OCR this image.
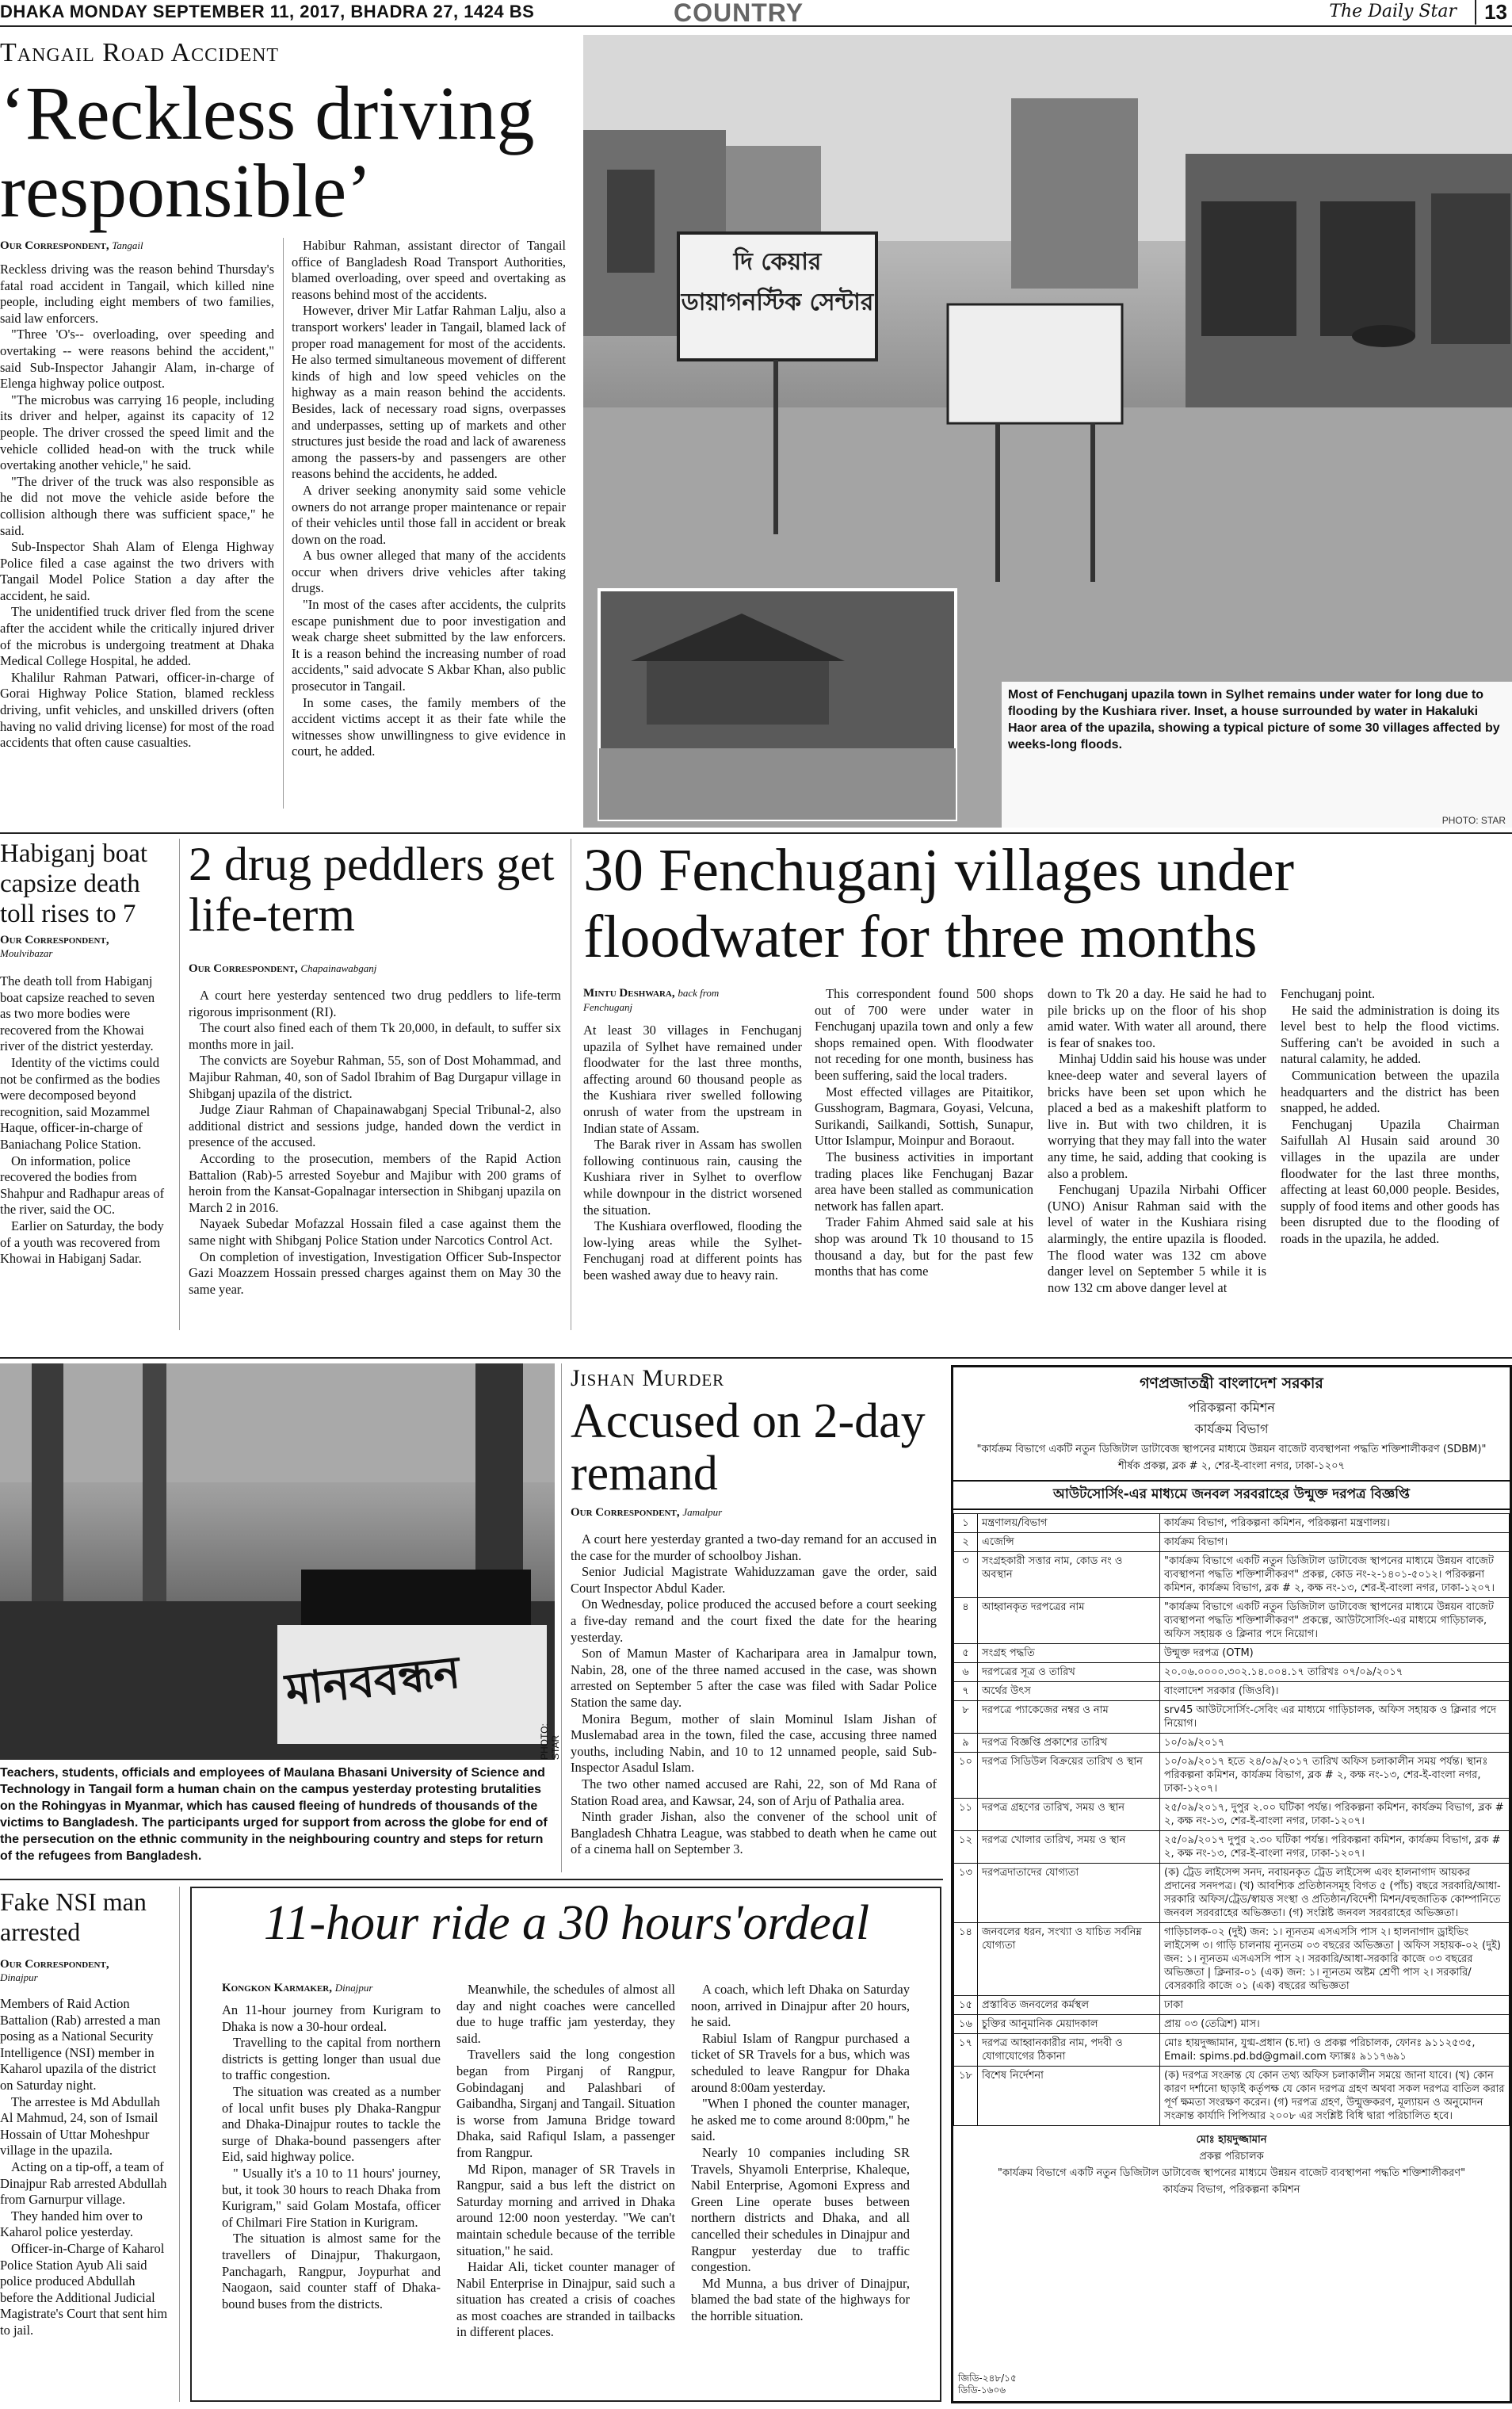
DHAKA MONDAY SEPTEMBER 11, 2017, BHADRA 27, 1424 BS	COUNTRY	The Daily Star	13
Tangail Road Accident
‘Reckless driving responsible’
Our Correspondent, Tangail

Reckless driving was the reason behind Thursday's fatal road accident in Tangail, which killed nine people, including eight members of two families, said law enforcers.

"Three 'O's-- overloading, over speeding and overtaking -- were reasons behind the accident," said Sub-Inspector Jahangir Alam, in-charge of Elenga highway police outpost.

"The microbus was carrying 16 people, including its driver and helper, against its capacity of 12 people. The driver crossed the speed limit and the vehicle collided head-on with the truck while overtaking another vehicle," he said.

"The driver of the truck was also responsible as he did not move the vehicle aside before the collision although there was sufficient space," he said.

Sub-Inspector Shah Alam of Elenga Highway Police filed a case against the two drivers with Tangail Model Police Station a day after the accident, he said.

The unidentified truck driver fled from the scene after the accident while the critically injured driver of the microbus is undergoing treatment at Dhaka Medical College Hospital, he added.

Khalilur Rahman Patwari, officer-in-charge of Gorai Highway Police Station, blamed reckless driving, unfit vehicles, and unskilled drivers (often having no valid driving license) for most of the road accidents that often cause casualties.

Habibur Rahman, assistant director of Tangail office of Bangladesh Road Transport Authorities, blamed overloading, over speed and overtaking as reasons behind most of the accidents.

However, driver Mir Latfar Rahman Lalju, also a transport workers' leader in Tangail, blamed lack of proper road management for most of the accidents. He also termed simultaneous movement of different kinds of high and low speed vehicles on the highway as a main reason behind the accidents. Besides, lack of necessary road signs, overpasses and underpasses, setting up of markets and other structures just beside the road and lack of awareness among the passers-by and passengers are other reasons behind the accidents, he added.

A driver seeking anonymity said some vehicle owners do not arrange proper maintenance or repair of their vehicles until those fall in accident or break down on the road.

A bus owner alleged that many of the accidents occur when drivers drive vehicles after taking drugs.

"In most of the cases after accidents, the culprits escape punishment due to poor investigation and weak charge sheet submitted by the law enforcers. It is a reason behind the increasing number of road accidents," said advocate S Akbar Khan, also public prosecutor in Tangail.

In some cases, the family members of the accident victims accept it as their fate while the witnesses show unwillingness to give evidence in court, he added.

দি কেয়ার ডায়াগনস্টিক সেন্টার
Most of Fenchuganj upazila town in Sylhet remains under water for long due to flooding by the Kushiara river. Inset, a house surrounded by water in Hakaluki Haor area of the upazila, showing a typical picture of some 30 villages affected by weeks-long floods.
PHOTO: STAR
Habiganj boat capsize death toll rises to 7
Our Correspondent,
Moulvibazar

The death toll from Habiganj boat capsize reached to seven as two more bodies were recovered from the Khowai river of the district yesterday.

Identity of the victims could not be confirmed as the bodies were decomposed beyond recognition, said Mozammel Haque, officer-in-charge of Baniachang Police Station.

On information, police recovered the bodies from Shahpur and Radhapur areas of the river, said the OC.

Earlier on Saturday, the body of a youth was recovered from Khowai in Habiganj Sadar.

2 drug peddlers get life-term
Our Correspondent, Chapainawabganj

A court here yesterday sentenced two drug peddlers to life-term rigorous imprisonment (RI).

The court also fined each of them Tk 20,000, in default, to suffer six months more in jail.

The convicts are Soyebur Rahman, 55, son of Dost Mohammad, and Majibur Rahman, 40, son of Sadol Ibrahim of Bag Durgapur village in Shibganj upazila of the district.

Judge Ziaur Rahman of Chapainawabganj Special Tribunal-2, also additional district and sessions judge, handed down the verdict in presence of the accused.

According to the prosecution, members of the Rapid Action Battalion (Rab)-5 arrested Soyebur and Majibur with 200 grams of heroin from the Kansat-Gopalnagar intersection in Shibganj upazila on March 2 in 2016.

Nayaek Subedar Mofazzal Hossain filed a case against them the same night with Shibganj Police Station under Narcotics Control Act.

On completion of investigation, Investigation Officer Sub-Inspector Gazi Moazzem Hossain pressed charges against them on May 30 the same year.

30 Fenchuganj villages under floodwater for three months
Mintu Deshwara, back from Fenchuganj

At least 30 villages in Fenchuganj upazila of Sylhet have remained under floodwater for the last three months, affecting around 60 thousand people as the Kushiara river swelled following onrush of water from the upstream in Indian state of Assam.

The Barak river in Assam has swollen following continuous rain, causing the Kushiara river in Sylhet to overflow while downpour in the district worsened the situation.

The Kushiara overflowed, flooding the low-lying areas while the Sylhet-Fenchuganj road at different points has been washed away due to heavy rain.

This correspondent found 500 shops out of 700 were under water in Fenchuganj upazila town and only a few shops remained open. With floodwater not receding for one month, business has been suffering, said the local traders.

Most effected villages are Pitaitikor, Gusshogram, Bagmara, Goyasi, Velcuna, Surikandi, Sailkandi, Sottish, Sunapur, Uttor Islampur, Moinpur and Boraout.

The business activities in important trading places like Fenchuganj Bazar area have been stalled as communication network has fallen apart.

Trader Fahim Ahmed said sale at his shop was around Tk 10 thousand to 15 thousand a day, but for the past few months that has come

down to Tk 20 a day. He said he had to pile bricks up on the floor of his shop amid water. With water all around, there is fear of snakes too.

Minhaj Uddin said his house was under knee-deep water and several layers of bricks have been set upon which he placed a bed as a makeshift platform to live in. But with two children, it is worrying that they may fall into the water any time, he said, adding that cooking is also a problem.

Fenchuganj Upazila Nirbahi Officer (UNO) Anisur Rahman said with the level of water in the Kushiara rising alarmingly, the entire upazila is flooded. The flood water was 132 cm above danger level on September 5 while it is now 132 cm above danger level at

Fenchuganj point.

He said the administration is doing its level best to help the flood victims. Suffering can't be avoided in such a natural calamity, he added.

Communication between the upazila headquarters and the district has been snapped, he added.

Fenchuganj Upazila Chairman Saifullah Al Husain said around 30 villages in the upazila are under floodwater for the last three months, affecting at least 60,000 people. Besides, supply of food items and other goods has been disrupted due to the flooding of roads in the upazila, he added.

মানববন্ধন
PHOTO: STAR
Teachers, students, officials and employees of Maulana Bhasani University of Science and Technology in Tangail form a human chain on the campus yesterday protesting brutalities on the Rohingyas in Myanmar, which has caused fleeing of hundreds of thousands of the victims to Bangladesh. The participants urged for support from across the globe for end of the persecution on the ethnic community in the neighbouring country and steps for return of the refugees from Bangladesh.
Jishan Murder
Accused on 2-day remand
Our Correspondent, Jamalpur

A court here yesterday granted a two-day remand for an accused in the case for the murder of schoolboy Jishan.

Senior Judicial Magistrate Wahiduzzaman gave the order, said Court Inspector Abdul Kader.

On Wednesday, police produced the accused before a court seeking a five-day remand and the court fixed the date for the hearing yesterday.

Son of Mamun Master of Kacharipara area in Jamalpur town, Nabin, 28, one of the three named accused in the case, was shown arrested on September 5 after the case was filed with Sadar Police Station the same day.

Monira Begum, mother of slain Mominul Islam Jishan of Muslemabad area in the town, filed the case, accusing three named youths, including Nabin, and 10 to 12 unnamed people, said Sub-Inspector Asadul Islam.

The two other named accused are Rahi, 22, son of Md Rana of Station Road area, and Kawsar, 24, son of Arju of Pathalia area.

Ninth grader Jishan, also the convener of the school unit of Bangladesh Chhatra League, was stabbed to death when he came out of a cinema hall on September 3.

Fake NSI man arrested
Our Correspondent,
Dinajpur

Members of Raid Action Battalion (Rab) arrested a man posing as a National Security Intelligence (NSI) member in Kaharol upazila of the district on Saturday night.

The arrestee is Md Abdullah Al Mahmud, 24, son of Ismail Hossain of Uttar Moheshpur village in the upazila.

Acting on a tip-off, a team of Dinajpur Rab arrested Abdullah from Garnurpur village.

They handed him over to Kaharol police yesterday.

Officer-in-Charge of Kaharol Police Station Ayub Ali said police produced Abdullah before the Additional Judicial Magistrate's Court that sent him to jail.

11-hour ride a 30 hours'ordeal
Kongkon Karmaker, Dinajpur

An 11-hour journey from Kurigram to Dhaka is now a 30-hour ordeal.

Travelling to the capital from northern districts is getting longer than usual due to traffic congestion.

The situation was created as a number of local unfit buses ply Dhaka-Rangpur and Dhaka-Dinajpur routes to tackle the surge of Dhaka-bound passengers after Eid, said highway police.

" Usually it's a 10 to 11 hours' journey, but, it took 30 hours to reach Dhaka from Kurigram," said Golam Mostafa, officer of Chilmari Fire Station in Kurigram.

The situation is almost same for the travellers of Dinajpur, Thakurgaon, Panchagarh, Rangpur, Joypurhat and Naogaon, said counter staff of Dhaka-bound buses from the districts.

Meanwhile, the schedules of almost all day and night coaches were cancelled due to huge traffic jam yesterday, they said.

Travellers said the long congestion began from Pirganj of Rangpur, Gobindaganj and Palashbari of Gaibandha, Sirganj and Tangail. Situation is worse from Jamuna Bridge toward Dhaka, said Rafiqul Islam, a passenger from Rangpur.

Md Ripon, manager of SR Travels in Rangpur, said a bus left the district on Saturday morning and arrived in Dhaka around 12:00 noon yesterday. "We can't maintain schedule because of the terrible situation," he said.

Haidar Ali, ticket counter manager of Nabil Enterprise in Dinajpur, said such a situation has created a crisis of coaches as most coaches are stranded in tailbacks in different places.

A coach, which left Dhaka on Saturday noon, arrived in Dinajpur after 20 hours, he said.

Rabiul Islam of Rangpur purchased a ticket of SR Travels for a bus, which was scheduled to leave Rangpur for Dhaka around 8:00am yesterday.

"When I phoned the counter manager, he asked me to come around 8:00pm," he said.

Nearly 10 companies including SR Travels, Shyamoli Enterprise, Khaleque, Nabil Enterprise, Agomoni Express and Green Line operate buses between northern districts and Dhaka, and all cancelled their schedules in Dinajpur and Rangpur yesterday due to traffic congestion.

Md Munna, a bus driver of Dinajpur, blamed the bad state of the highways for the horrible situation.

গণপ্রজাতন্ত্রী বাংলাদেশ সরকার
পরিকল্পনা কমিশন
কার্যক্রম বিভাগ
"কার্যক্রম বিভাগে একটি নতুন ডিজিটাল ডাটাবেজ স্থাপনের মাধ্যমে উন্নয়ন বাজেট ব্যবস্থাপনা পদ্ধতি শক্তিশালীকরণ (SDBM)" শীর্ষক প্রকল্প, ব্লক # ২, শের-ই-বাংলা নগর, ঢাকা-১২০৭
আউটসোর্সিং-এর মাধ্যমে জনবল সরবরাহের উন্মুক্ত দরপত্র বিজ্ঞপ্তি
১	মন্ত্রণালয়/বিভাগ	কার্যক্রম বিভাগ, পরিকল্পনা কমিশন, পরিকল্পনা মন্ত্রণালয়।
২	এজেন্সি	কার্যক্রম বিভাগ।
৩	সংগ্রহকারী সত্তার নাম, কোড নং ও অবস্থান	"কার্যক্রম বিভাগে একটি নতুন ডিজিটাল ডাটাবেজ স্থাপনের মাধ্যমে উন্নয়ন বাজেট ব্যবস্থাপনা পদ্ধতি শক্তিশালীকরণ" প্রকল্প, কোড নং-২-১৪০১-৫০১২। পরিকল্পনা কমিশন, কার্যক্রম বিভাগ, ব্লক # ২, কক্ষ নং-১৩, শের-ই-বাংলা নগর, ঢাকা-১২০৭।
৪	আহ্বানকৃত দরপত্রের নাম	"কার্যক্রম বিভাগে একটি নতুন ডিজিটাল ডাটাবেজ স্থাপনের মাধ্যমে উন্নয়ন বাজেট ব্যবস্থাপনা পদ্ধতি শক্তিশালীকরণ" প্রকল্পে, আউটসোর্সিং-এর মাধ্যমে গাড়িচালক, অফিস সহায়ক ও ক্লিনার পদে নিয়োগ।
৫	সংগ্রহ পদ্ধতি	উন্মুক্ত দরপত্র (OTM)
৬	দরপত্রের সূত্র ও তারিখ	২০.০৬.০০০০.৩০২.১৪.০০৪.১৭ তারিখঃ ০৭/০৯/২০১৭
৭	অর্থের উৎস	বাংলাদেশ সরকার (জিওবি)।
৮	দরপত্রে প্যাকেজের নম্বর ও নাম	srv45 আউটসোর্সিং-সেবিং এর মাধ্যমে গাড়িচালক, অফিস সহায়ক ও ক্লিনার পদে নিয়োগ।
৯	দরপত্র বিজ্ঞপ্তি প্রকাশের তারিখ	১০/০৯/২০১৭
১০	দরপত্র সিডিউল বিক্রয়ের তারিখ ও স্থান	১০/০৯/২০১৭ হতে ২৪/০৯/২০১৭ তারিখ অফিস চলাকালীন সময় পর্যন্ত। স্থানঃ পরিকল্পনা কমিশন, কার্যক্রম বিভাগ, ব্লক # ২, কক্ষ নং-১৩, শের-ই-বাংলা নগর, ঢাকা-১২০৭।
১১	দরপত্র গ্রহণের তারিখ, সময় ও স্থান	২৫/০৯/২০১৭, দুপুর ২.০০ ঘটিকা পর্যন্ত। পরিকল্পনা কমিশন, কার্যক্রম বিভাগ, ব্লক # ২, কক্ষ নং-১৩, শের-ই-বাংলা নগর, ঢাকা-১২০৭।
১২	দরপত্র খোলার তারিখ, সময় ও স্থান	২৫/০৯/২০১৭ দুপুর ২.৩০ ঘটিকা পর্যন্ত। পরিকল্পনা কমিশন, কার্যক্রম বিভাগ, ব্লক # ২, কক্ষ নং-১৩, শের-ই-বাংলা নগর, ঢাকা-১২০৭।
১৩	দরপত্রদাতাদের যোগ্যতা	(ক) ট্রেড লাইসেন্স সনদ, নবায়নকৃত ট্রেড লাইসেন্স এবং হালনাগাদ আয়কর প্রদানের সনদপত্র। (খ) আবশ্যিক প্রতিষ্ঠানসমূহ বিগত ৫ (পাঁচ) বছরে সরকারি/আধা-সরকারি অফিস/ট্রেড/স্বায়ত্ত সংস্থা ও প্রতিষ্ঠান/বিদেশী মিশন/বহুজাতিক কোম্পানিতে জনবল সরবরাহের অভিজ্ঞতা। (গ) সংশ্লিষ্ট জনবল সরবরাহের অভিজ্ঞতা।
১৪	জনবলের ধরন, সংখ্যা ও যাচিত সর্বনিম্ন যোগ্যতা	গাড়িচালক-০২ (দুই) জন: ১। ন্যূনতম এসএসসি পাস ২। হালনাগাদ ড্রাইভিং লাইসেন্স ৩। গাড়ি চালনায় ন্যূনতম ০৩ বছরের অভিজ্ঞতা | অফিস সহায়ক-০২ (দুই) জন: ১। ন্যূনতম এসএসসি পাস ২। সরকারি/আধা-সরকারি কাজে ০৩ বছরের অভিজ্ঞতা | ক্লিনার-০১ (এক) জন: ১। ন্যূনতম অষ্টম শ্রেণী পাস ২। সরকারি/বেসরকারি কাজে ০১ (এক) বছরের অভিজ্ঞতা
১৫	প্রস্তাবিত জনবলের কর্মস্থল	ঢাকা
১৬	চুক্তির আনুমানিক মেয়াদকাল	প্রায় ০৩ (তেত্রিশ) মাস।
১৭	দরপত্র আহ্বানকারীর নাম, পদবী ও যোগাযোগের ঠিকানা	মোঃ হায়দুজ্জামান, যুগ্ম-প্রধান (চ.দা) ও প্রকল্প পরিচালক, ফোনঃ ৯১১২৫৩৫, Email: spims.pd.bd@gmail.com ফ্যাক্সঃ ৯১১৭৬৯১
১৮	বিশেষ নির্দেশনা	(ক) দরপত্র সংক্রান্ত যে কোন তথ্য অফিস চলাকালীন সময়ে জানা যাবে। (খ) কোন কারণ দর্শানো ছাড়াই কর্তৃপক্ষ যে কোন দরপত্র গ্রহণ অথবা সকল দরপত্র বাতিল করার পূর্ণ ক্ষমতা সংরক্ষণ করেন। (গ) দরপত্র গ্রহণ, উন্মুক্তকরণ, মূল্যায়ন ও অনুমোদন সংক্রান্ত কার্যাদি পিপিআর ২০০৮ এর সংশ্লিষ্ট বিধি দ্বারা পরিচালিত হবে।
মোঃ হায়দুজ্জামান
প্রকল্প পরিচালক
"কার্যক্রম বিভাগে একটি নতুন ডিজিটাল ডাটাবেজ স্থাপনের মাধ্যমে উন্নয়ন বাজেট ব্যবস্থাপনা পদ্ধতি শক্তিশালীকরণ"
কার্যক্রম বিভাগ, পরিকল্পনা কমিশন
জিডি-২৪৮/১৫
ডিডি-১৬০৬
